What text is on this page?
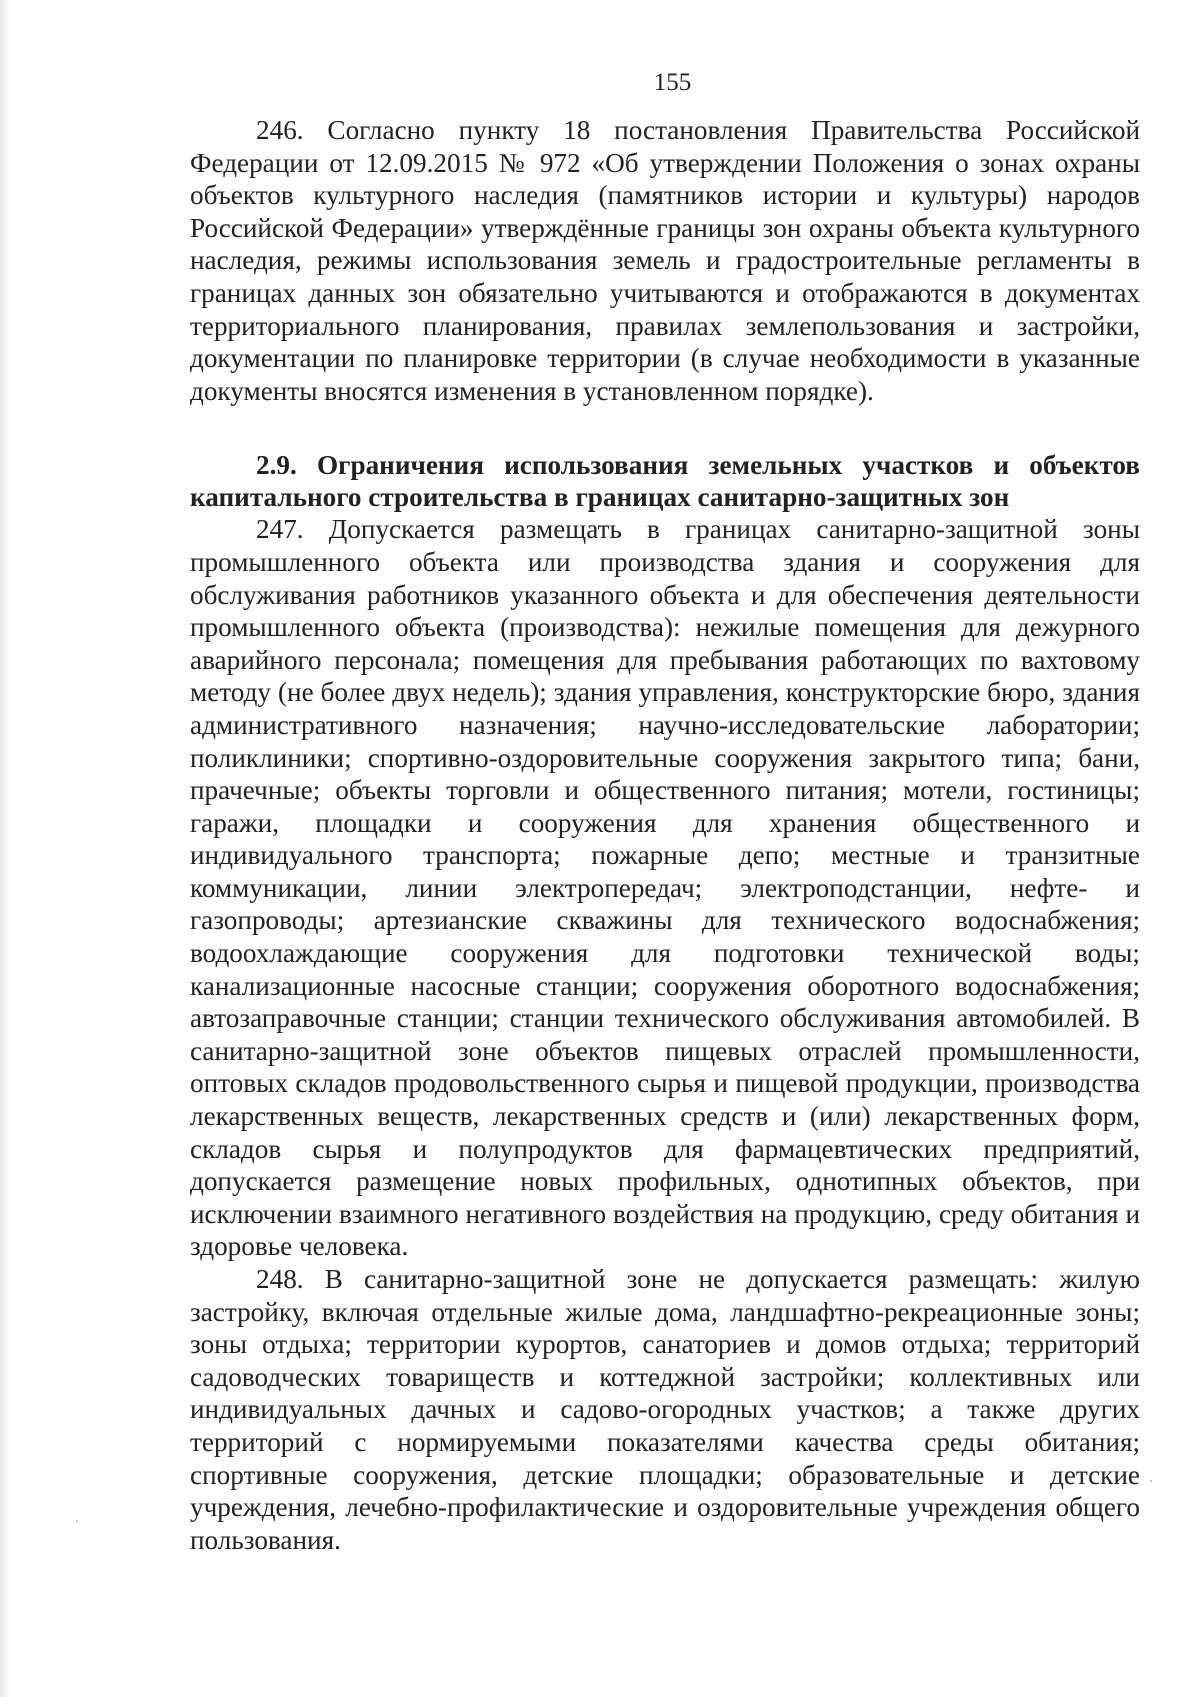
155

246. Согласно пункту 18 постановления Правительства Российской Федерации от 12.09.2015 № 972 «Об утверждении Положения о зонах охраны объектов культурного наследия (памятников истории и культуры) народов Российской Федерации» утверждённые границы зон охраны объекта культурного наследия, режимы использования земель и градостроительные регламенты в границах данных зон обязательно учитываются и отображаются в документах территориального планирования, правилах землепользования и застройки, документации по планировке территории (в случае необходимости в указанные документы вносятся изменения в установленном порядке).

2.9. Ограничения использования земельных участков и объектов капитального строительства в границах санитарно-защитных зон

247. Допускается размещать в границах санитарно-защитной зоны промышленного объекта или производства здания и сооружения для обслуживания работников указанного объекта и для обеспечения деятельности промышленного объекта (производства): нежилые помещения для дежурного аварийного персонала; помещения для пребывания работающих по вахтовому методу (не более двух недель); здания управления, конструкторские бюро, здания административного назначения; научно-исследовательские лаборатории; поликлиники; спортивно-оздоровительные сооружения закрытого типа; бани, прачечные; объекты торговли и общественного питания; мотели, гостиницы; гаражи, площадки и сооружения для хранения общественного и индивидуального транспорта; пожарные депо; местные и транзитные коммуникации, линии электропередач; электроподстанции, нефте- и газопроводы; артезианские скважины для технического водоснабжения; водоохлаждающие сооружения для подготовки технической воды; канализационные насосные станции; сооружения оборотного водоснабжения; автозаправочные станции; станции технического обслуживания автомобилей. В санитарно-защитной зоне объектов пищевых отраслей промышленности, оптовых складов продовольственного сырья и пищевой продукции, производства лекарственных веществ, лекарственных средств и (или) лекарственных форм, складов сырья и полупродуктов для фармацевтических предприятий, допускается размещение новых профильных, однотипных объектов, при исключении взаимного негативного воздействия на продукцию, среду обитания и здоровье человека.

248. В санитарно-защитной зоне не допускается размещать: жилую застройку, включая отдельные жилые дома, ландшафтно-рекреационные зоны; зоны отдыха; территории курортов, санаториев и домов отдыха; территорий садоводческих товариществ и коттеджной застройки; коллективных или индивидуальных дачных и садово-огородных участков; а также других территорий с нормируемыми показателями качества среды обитания; спортивные сооружения, детские площадки; образовательные и детские учреждения, лечебно-профилактические и оздоровительные учреждения общего пользования.
